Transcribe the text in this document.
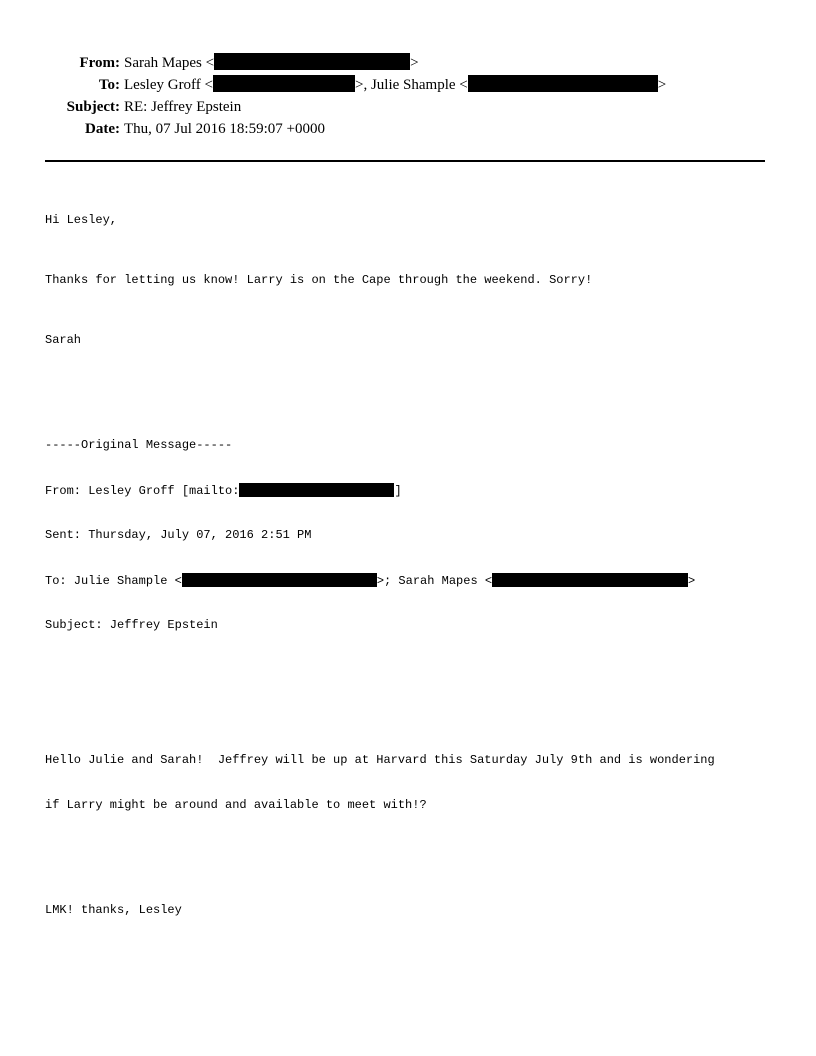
From: Sarah Mapes <	>
To: Lesley Groff <	>, Julie Shample <	>
Subject: RE: Jeffrey Epstein
Date: Thu, 07 Jul 2016 18:59:07 +0000

Hi Lesley,

Thanks for letting us know! Larry is on the Cape through the weekend. Sorry!

Sarah

-----Original Message-----

From: Lesley Groff [mailto:	]

Sent: Thursday, July 07, 2016 2:51 PM

To: Julie Shample <	>; Sarah Mapes <	>

Subject: Jeffrey Epstein

Hello Julie and Sarah!  Jeffrey will be up at Harvard this Saturday July 9th and is wondering

if Larry might be around and available to meet with!?

LMK! thanks, Lesley
